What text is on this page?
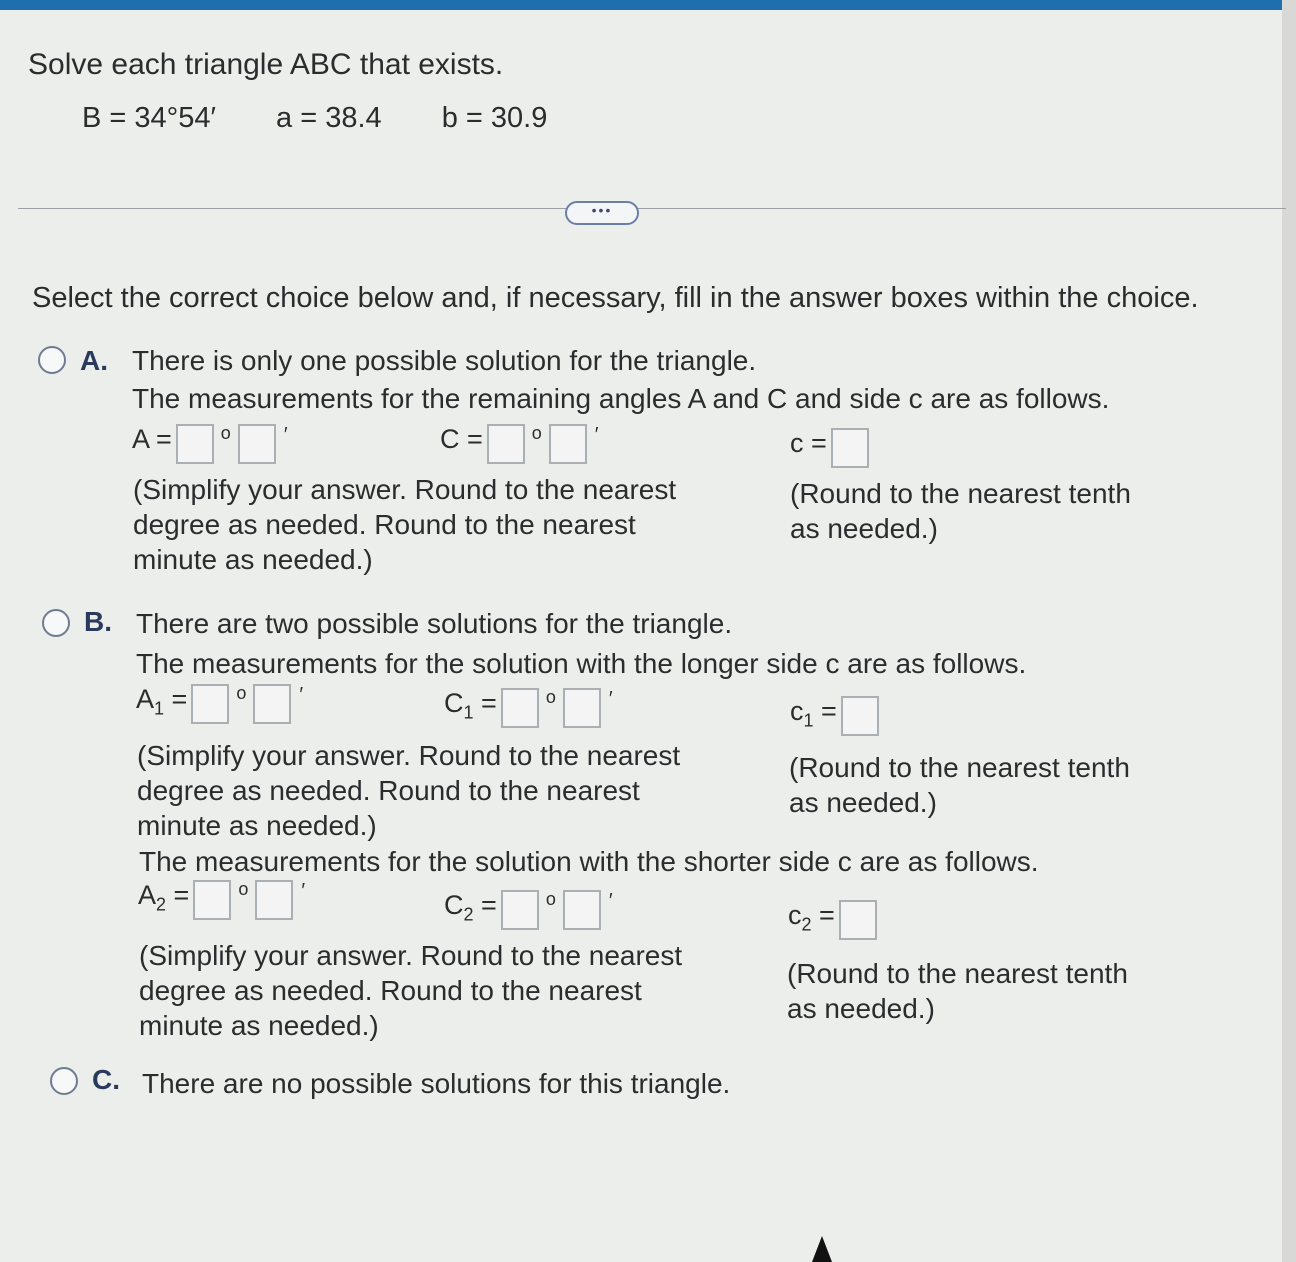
Solve each triangle ABC that exists.
B = 34°54′ a = 38.4 b = 30.9
•••
Select the correct choice below and, if necessary, fill in the answer boxes within the choice.
A. There is only one possible solution for the triangle.
The measurements for the remaining angles A and C and side c are as follows.
A =	o	′	C =	o	′	c =
(Simplify your answer. Round to the nearest
degree as needed. Round to the nearest
minute as needed.)
(Round to the nearest tenth
as needed.)
B. There are two possible solutions for the triangle.
The measurements for the solution with the longer side c are as follows.
$A_1$ =	o	′	$C_1$ =	o	′	$c_1$ =
(Simplify your answer. Round to the nearest
degree as needed. Round to the nearest
minute as needed.)
(Round to the nearest tenth
as needed.)
The measurements for the solution with the shorter side c are as follows.
$A_2$ =	o	′	$C_2$ =	o	′	$c_2$ =
(Simplify your answer. Round to the nearest
degree as needed. Round to the nearest
minute as needed.)
(Round to the nearest tenth
as needed.)
C. There are no possible solutions for this triangle.
